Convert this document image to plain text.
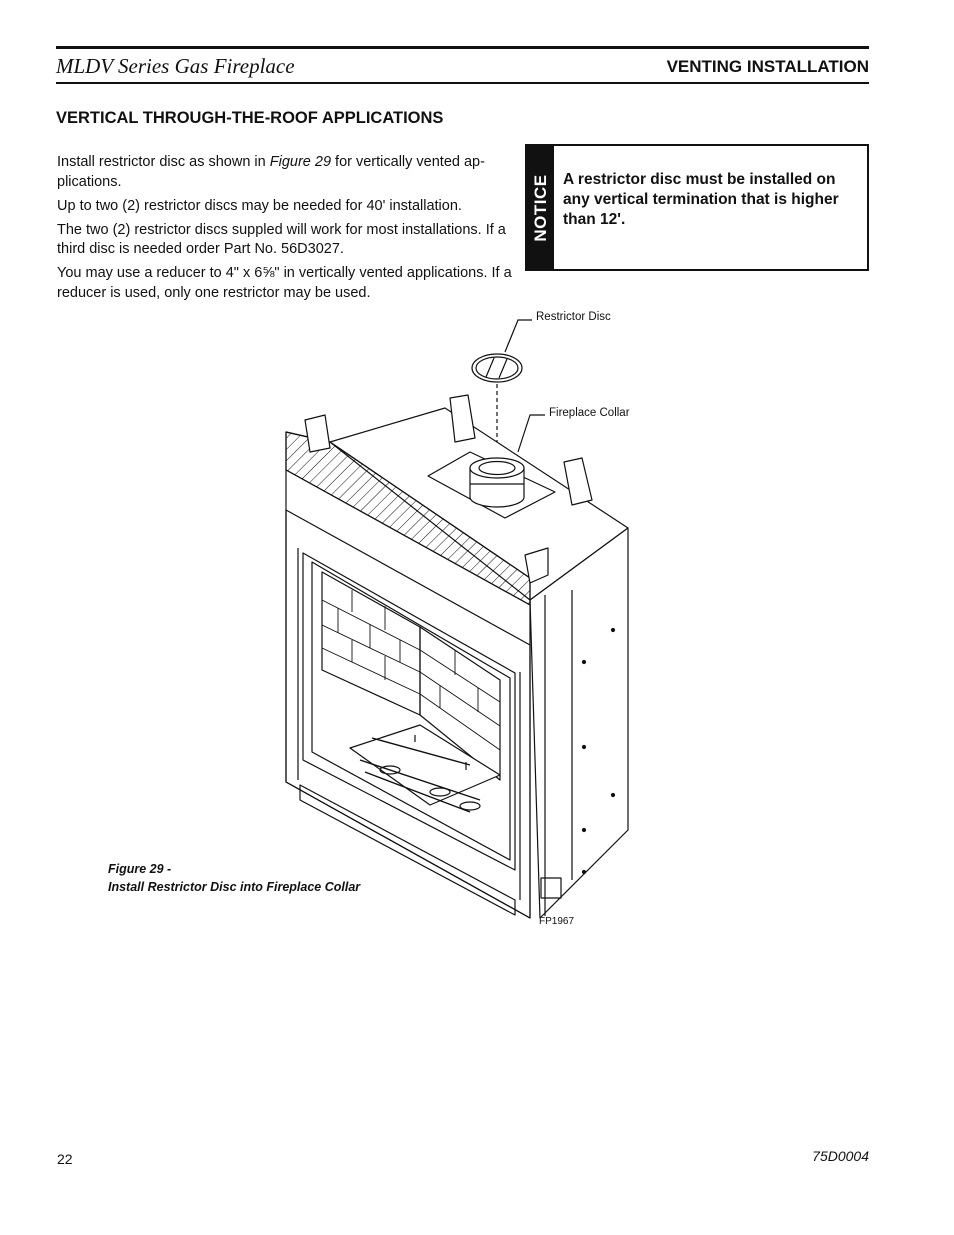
MLDV Series Gas Fireplace	VENTING INSTALLATION
VERTICAL THROUGH-THE-ROOF APPLICATIONS

Install restrictor disc as shown in Figure 29 for vertically vented ap-plications.

Up to two (2) restrictor discs may be needed for 40' installation.

The two (2) restrictor discs suppled will work for most installations. If a third disc is needed order Part No. 56D3027.

You may use a reducer to 4" x 6⅝" in vertically vented applications. If a reducer is used, only one restrictor may be used.

NOTICE A restrictor disc must be installed on any vertical termination that is higher than 12'.
Restrictor Disc
Fireplace Collar
Figure 29 -
Install Restrictor Disc into Fireplace Collar
FP1967
22	75D0004
